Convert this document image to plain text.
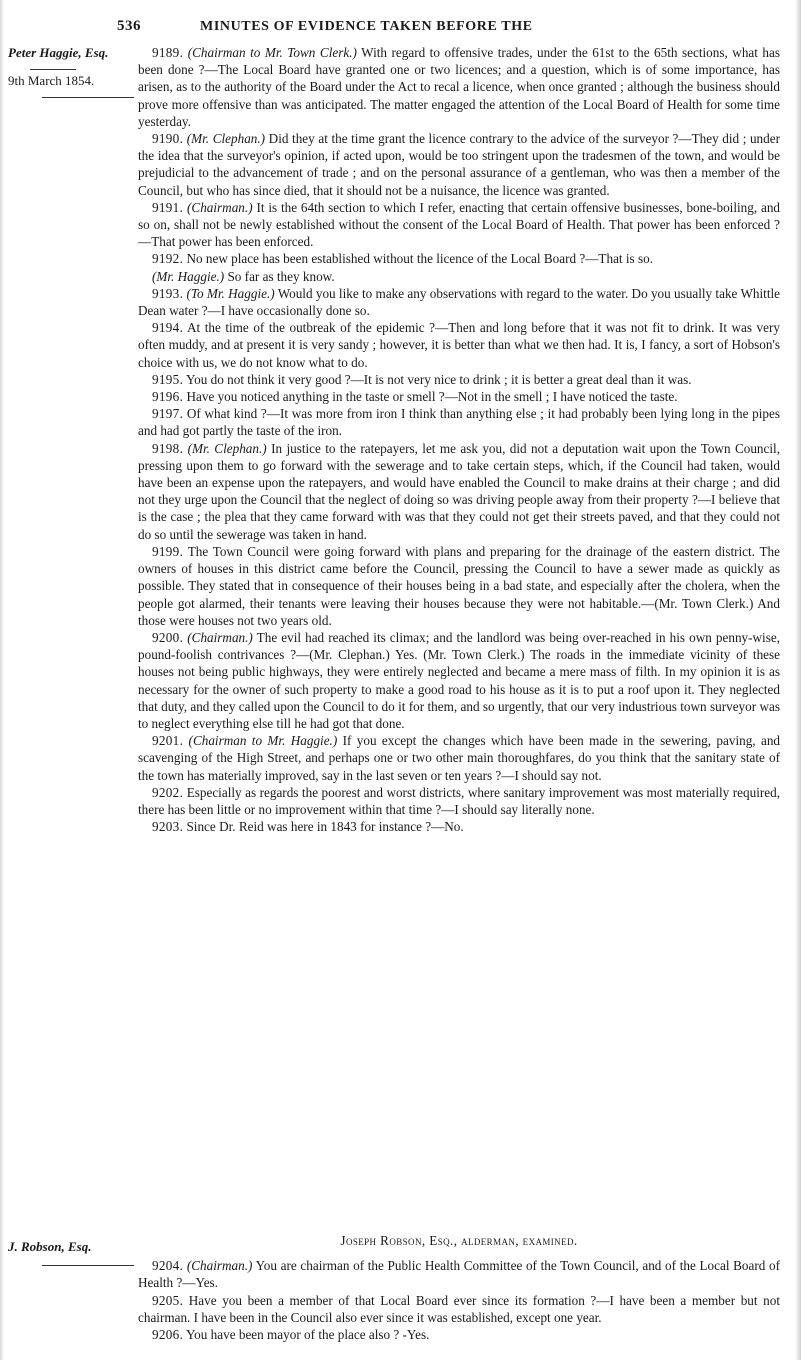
536	MINUTES OF EVIDENCE TAKEN BEFORE THE
Peter Haggie, Esq.
9th March 1854.

9189. (Chairman to Mr. Town Clerk.) With regard to offensive trades, under the 61st to the 65th sections, what has been done ?—The Local Board have granted one or two licences; and a question, which is of some importance, has arisen, as to the authority of the Board under the Act to recal a licence, when once granted ; although the business should prove more offensive than was anticipated. The matter engaged the attention of the Local Board of Health for some time yesterday.

9190. (Mr. Clephan.) Did they at the time grant the licence contrary to the advice of the surveyor ?—They did ; under the idea that the surveyor's opinion, if acted upon, would be too stringent upon the tradesmen of the town, and would be prejudicial to the advancement of trade ; and on the personal assurance of a gentleman, who was then a member of the Council, but who has since died, that it should not be a nuisance, the licence was granted.

9191. (Chairman.) It is the 64th section to which I refer, enacting that certain offensive businesses, bone-boiling, and so on, shall not be newly established without the consent of the Local Board of Health. That power has been enforced ?—That power has been enforced.

9192. No new place has been established without the licence of the Local Board ?—That is so.

(Mr. Haggie.) So far as they know.

9193. (To Mr. Haggie.) Would you like to make any observations with regard to the water. Do you usually take Whittle Dean water ?—I have occasionally done so.

9194. At the time of the outbreak of the epidemic ?—Then and long before that it was not fit to drink. It was very often muddy, and at present it is very sandy ; however, it is better than what we then had. It is, I fancy, a sort of Hobson's choice with us, we do not know what to do.

9195. You do not think it very good ?—It is not very nice to drink ; it is better a great deal than it was.

9196. Have you noticed anything in the taste or smell ?—Not in the smell ; I have noticed the taste.

9197. Of what kind ?—It was more from iron I think than anything else ; it had probably been lying long in the pipes and had got partly the taste of the iron.

9198. (Mr. Clephan.) In justice to the ratepayers, let me ask you, did not a deputation wait upon the Town Council, pressing upon them to go forward with the sewerage and to take certain steps, which, if the Council had taken, would have been an expense upon the ratepayers, and would have enabled the Council to make drains at their charge ; and did not they urge upon the Council that the neglect of doing so was driving people away from their property ?—I believe that is the case ; the plea that they came forward with was that they could not get their streets paved, and that they could not do so until the sewerage was taken in hand.

9199. The Town Council were going forward with plans and preparing for the drainage of the eastern district. The owners of houses in this district came before the Council, pressing the Council to have a sewer made as quickly as possible. They stated that in consequence of their houses being in a bad state, and especially after the cholera, when the people got alarmed, their tenants were leaving their houses because they were not habitable.—(Mr. Town Clerk.) And those were houses not two years old.

9200. (Chairman.) The evil had reached its climax; and the landlord was being over-reached in his own penny-wise, pound-foolish contrivances ?—(Mr. Clephan.) Yes. (Mr. Town Clerk.) The roads in the immediate vicinity of these houses not being public highways, they were entirely neglected and became a mere mass of filth. In my opinion it is as necessary for the owner of such property to make a good road to his house as it is to put a roof upon it. They neglected that duty, and they called upon the Council to do it for them, and so urgently, that our very industrious town surveyor was to neglect everything else till he had got that done.

9201. (Chairman to Mr. Haggie.) If you except the changes which have been made in the sewering, paving, and scavenging of the High Street, and perhaps one or two other main thoroughfares, do you think that the sanitary state of the town has materially improved, say in the last seven or ten years ?—I should say not.

9202. Especially as regards the poorest and worst districts, where sanitary improvement was most materially required, there has been little or no improvement within that time ?—I should say literally none.

9203. Since Dr. Reid was here in 1843 for instance ?—No.

J. Robson, Esq.	Joseph Robson, Esq., alderman, examined.

9204. (Chairman.) You are chairman of the Public Health Committee of the Town Council, and of the Local Board of Health ?—Yes.

9205. Have you been a member of that Local Board ever since its formation ?—I have been a member but not chairman. I have been in the Council also ever since it was established, except one year.

9206. You have been mayor of the place also ? -Yes.
